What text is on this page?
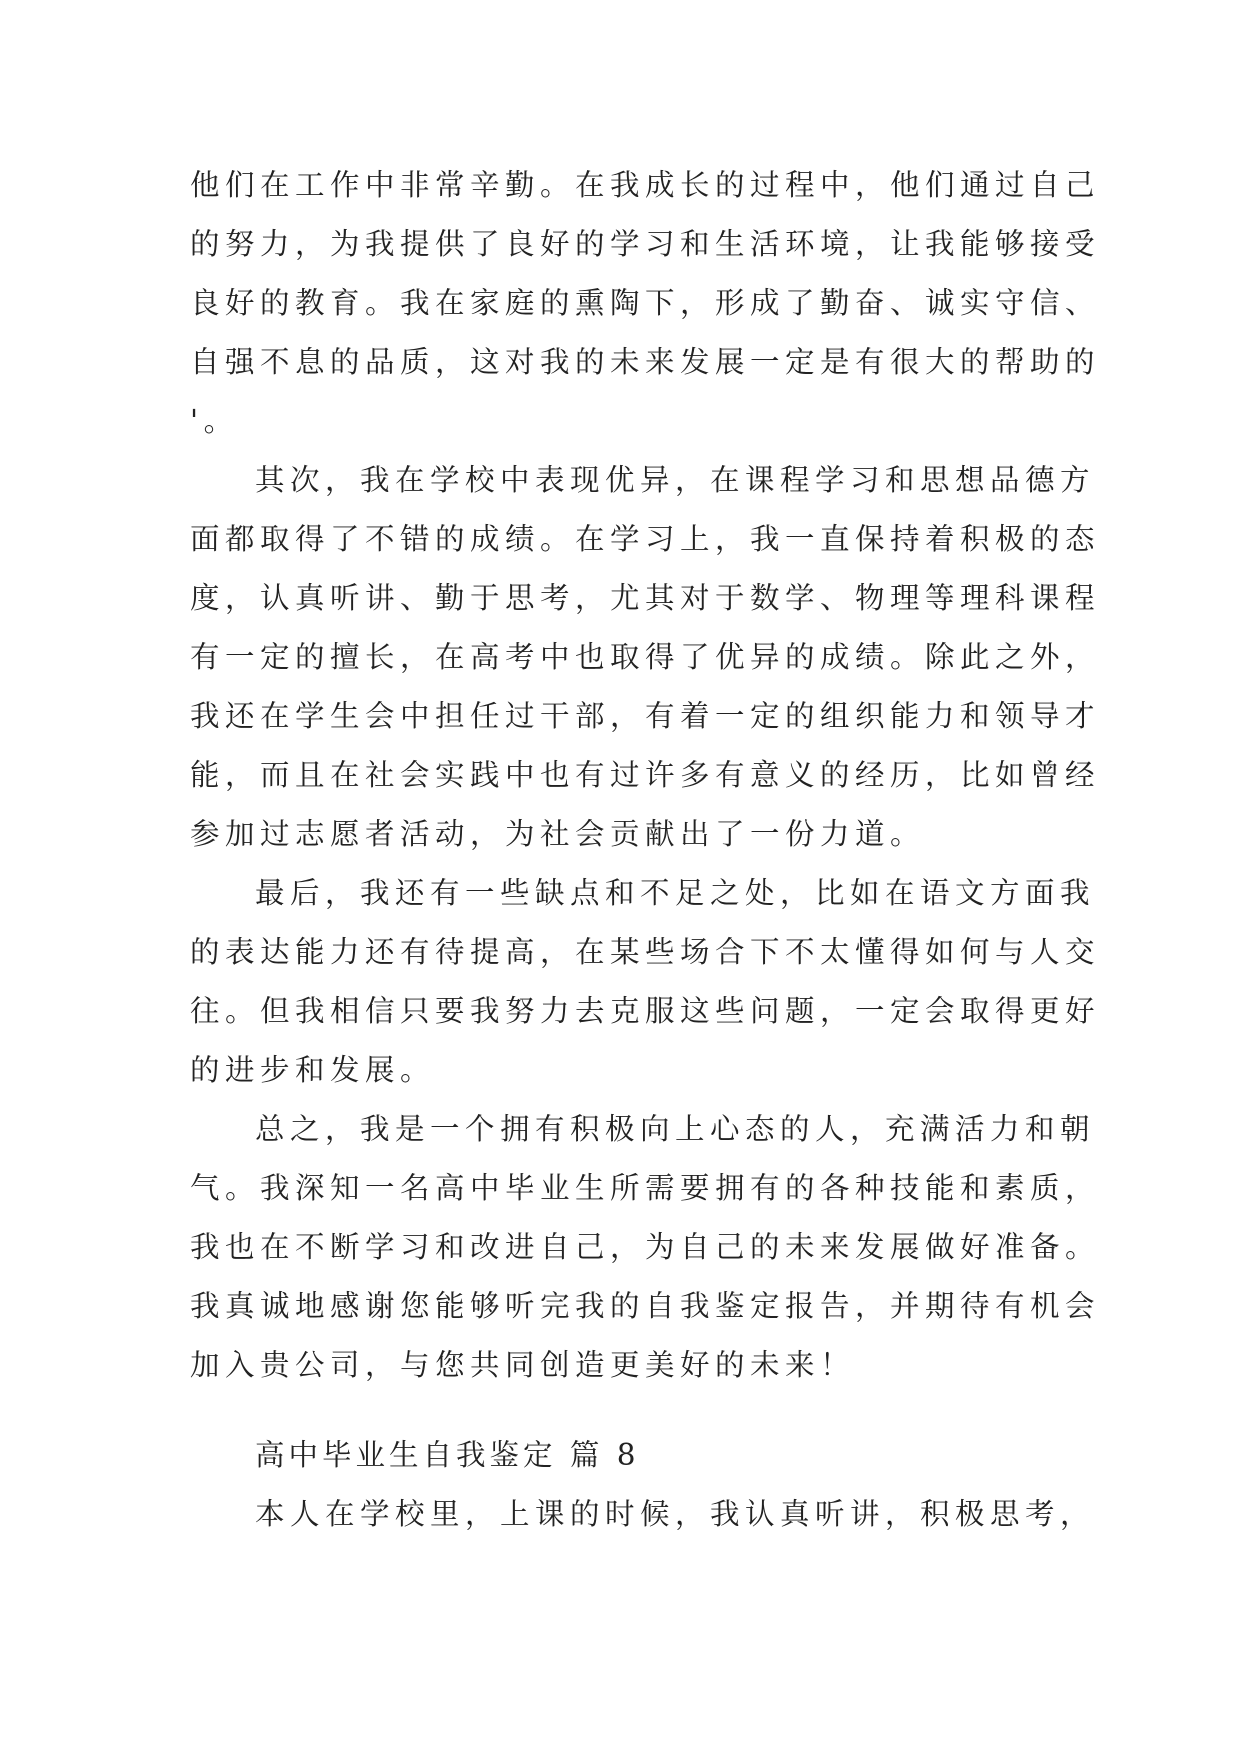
他们在工作中非常辛勤。在我成长的过程中，他们通过自己
的努力，为我提供了良好的学习和生活环境，让我能够接受
良好的教育。我在家庭的熏陶下，形成了勤奋、诚实守信、
自强不息的品质，这对我的未来发展一定是有很大的帮助的
'。
其次，我在学校中表现优异，在课程学习和思想品德方
面都取得了不错的成绩。在学习上，我一直保持着积极的态
度，认真听讲、勤于思考，尤其对于数学、物理等理科课程
有一定的擅长，在高考中也取得了优异的成绩。除此之外，
我还在学生会中担任过干部，有着一定的组织能力和领导才
能，而且在社会实践中也有过许多有意义的经历，比如曾经
参加过志愿者活动，为社会贡献出了一份力道。
最后，我还有一些缺点和不足之处，比如在语文方面我
的表达能力还有待提高，在某些场合下不太懂得如何与人交
往。但我相信只要我努力去克服这些问题，一定会取得更好
的进步和发展。
总之，我是一个拥有积极向上心态的人，充满活力和朝
气。我深知一名高中毕业生所需要拥有的各种技能和素质，
我也在不断学习和改进自己，为自己的未来发展做好准备。
我真诚地感谢您能够听完我的自我鉴定报告，并期待有机会
加入贵公司，与您共同创造更美好的未来！
高中毕业生自我鉴定 篇 8
本人在学校里，上课的时候，我认真听讲，积极思考，
